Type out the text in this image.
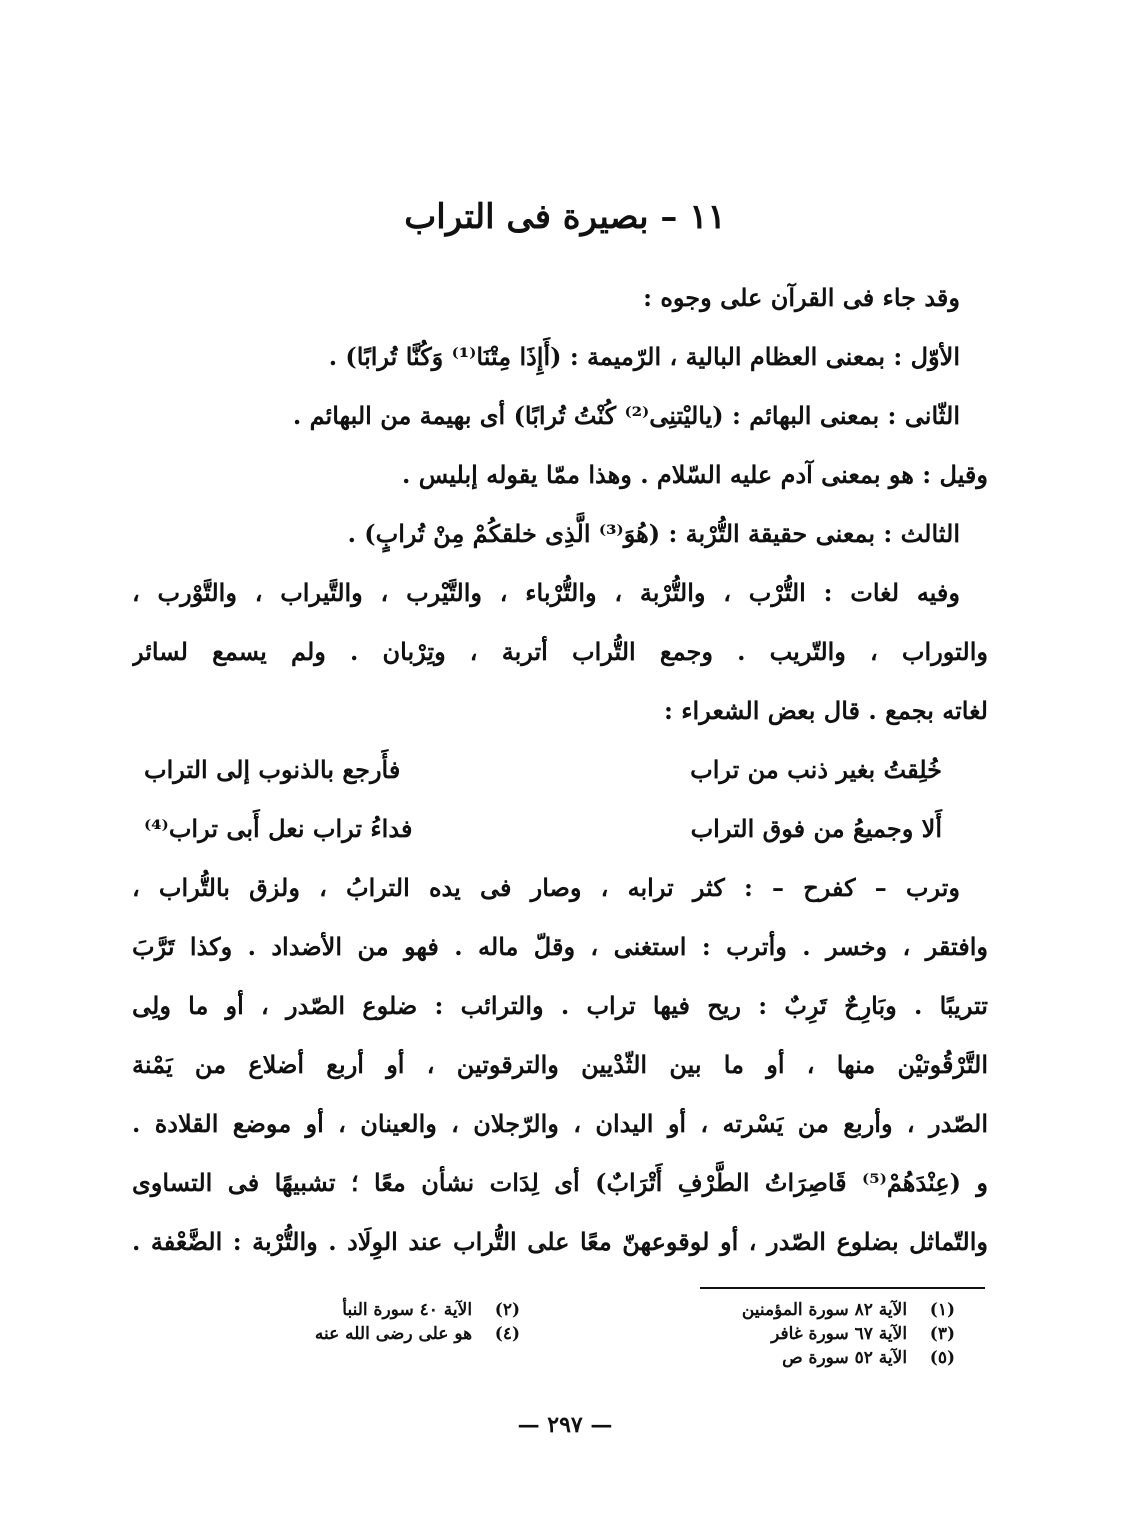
١١ – بصيرة فى التراب
وقد جاء فى القرآن على وجوه :
الأوّل : بمعنى العظام البالية ، الرّميمة : (أَإِذَا مِتْنَا⁽¹⁾ وَكُنَّا تُرابًا) .
الثّانى : بمعنى البهائم : (ياليْتنِى⁽²⁾ كُنْتُ تُرابًا) أى بهيمة من البهائم .
وقيل : هو بمعنى آدم عليه السّلام . وهذا ممّا يقوله إبليس .
الثالث : بمعنى حقيقة التُّرْبة : (هُوَ⁽³⁾ الَّذِى خلقكُمْ مِنْ تُرابٍ) .
وفيه لغات : التُّرْب ، والتُّرْبة ، والتُّرْباء ، والتَّيْرب ، والتَّيراب ، والتَّوْرب ،
والتوراب ، والتّريب . وجمع التُّراب أتربة ، وتِرْبان . ولم يسمع لسائر
لغاته بجمع . قال بعض الشعراء :
خُلِقتُ بغير ذنب من تراب
فأَرجع بالذنوب إلى التراب
أَلا وجميعُ من فوق التراب
فداءُ تراب نعل أَبى تراب⁽⁴⁾
وترب – كفرح – : كثر ترابه ، وصار فى يده الترابُ ، ولزق بالتُّراب ،
وافتقر ، وخسر . وأترب : استغنى ، وقلّ ماله . فهو من الأضداد . وكذا تَرَّبَ
تتريبًا . وبَارِحٌ تَرِبٌ : ريح فيها تراب . والترائب : ضلوع الصّدر ، أو ما ولِى
التَّرْقُوتيْن منها ، أو ما بين الثّدْيين والترقوتين ، أو أربع أضلاع من يَمْنة
الصّدر ، وأربع من يَسْرته ، أو اليدان ، والرّجلان ، والعينان ، أو موضع القلادة .
و (عِنْدَهُمْ⁽⁵⁾ قَاصِرَاتُ الطَّرْفِ أَتْرَابٌ) أى لِدَات نشأن معًا ؛ تشبيهًا فى التساوى
والتّماثل بضلوع الصّدر ، أو لوقوعهنّ معًا على التُّراب عند الوِلَاد . والتُّرْبة : الضَّعْفة .
(١) الآية ٨٢ سورة المؤمنين
(٣) الآية ٦٧ سورة غافر
(٥) الآية ٥٢ سورة ص
(٢) الآية ٤٠ سورة النبأ
(٤) هو على رضى الله عنه
— ٢٩٧ —
